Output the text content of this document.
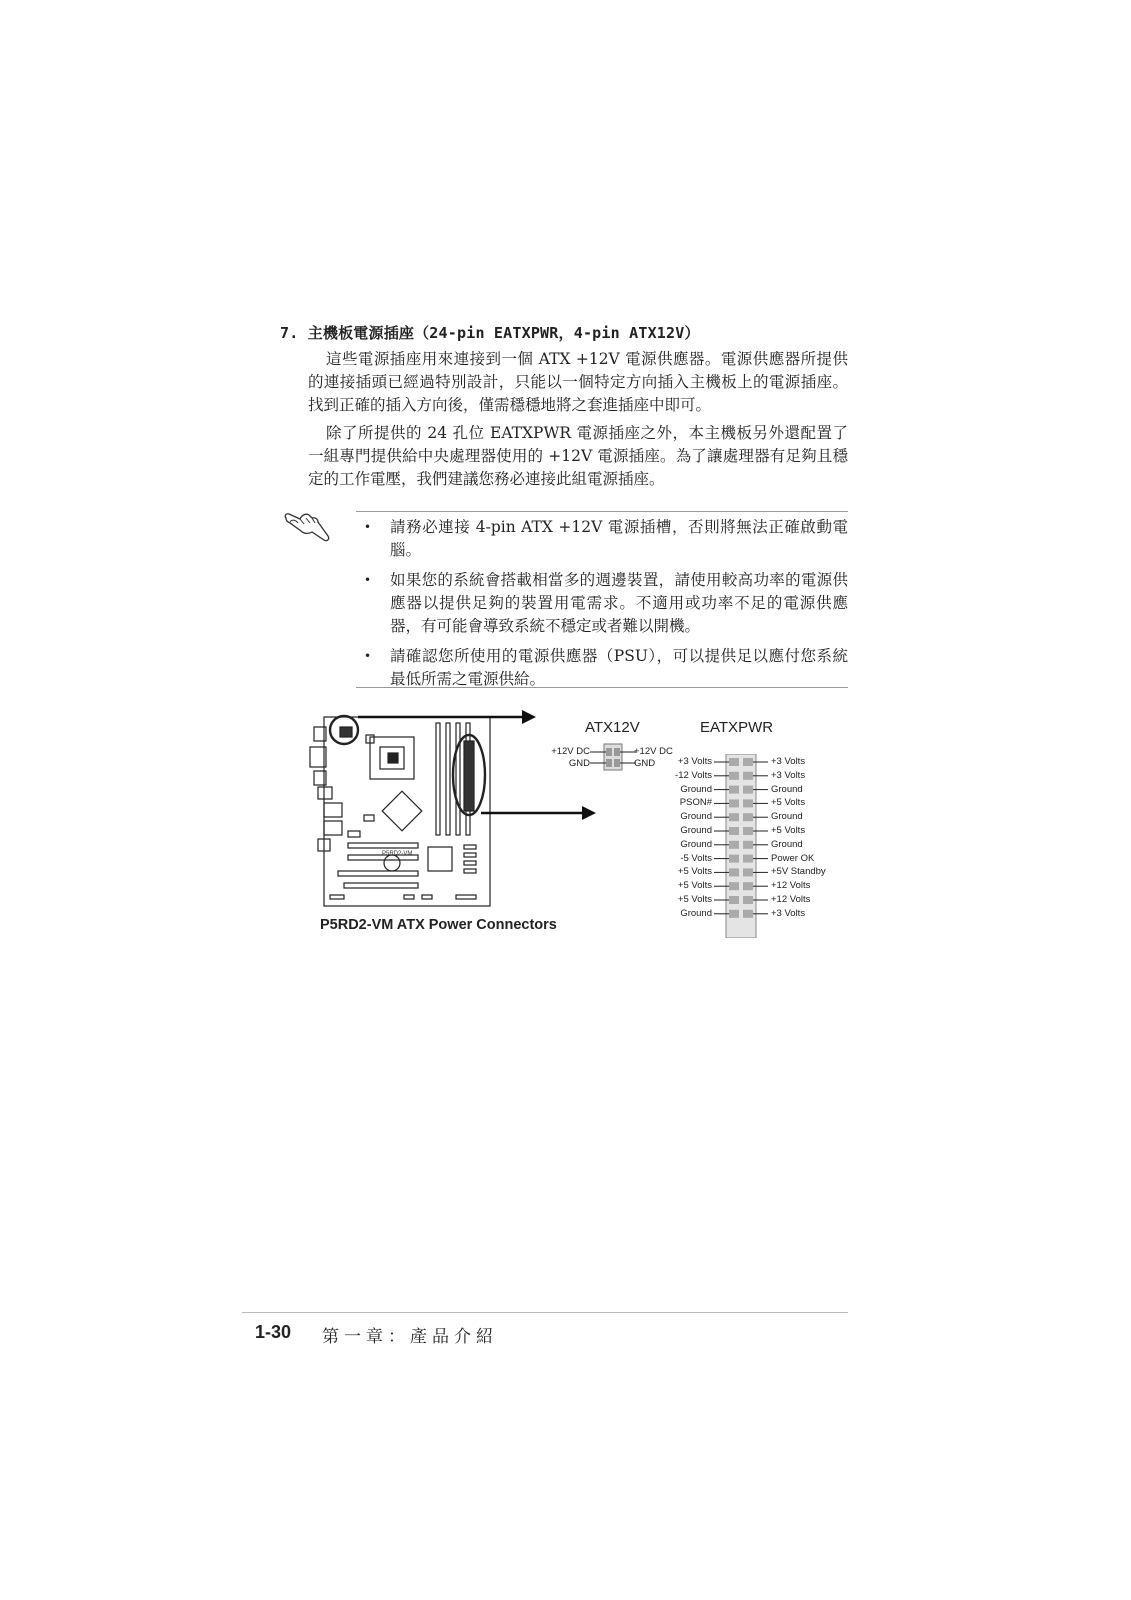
7. 主機板電源插座（24-pin EATXPWR，4-pin ATX12V）

這些電源插座用來連接到一個 ATX +12V 電源供應器。電源供應器所提供的連接插頭已經過特別設計，只能以一個特定方向插入主機板上的電源插座。找到正確的插入方向後，僅需穩穩地將之套進插座中即可。

除了所提供的 24 孔位 EATXPWR 電源插座之外，本主機板另外還配置了一組專門提供給中央處理器使用的 +12V 電源插座。為了讓處理器有足夠且穩定的工作電壓，我們建議您務必連接此組電源插座。

• 請務必連接 4-pin ATX +12V 電源插槽，否則將無法正確啟動電腦。
• 如果您的系統會搭載相當多的週邊裝置，請使用較高功率的電源供應器以提供足夠的裝置用電需求。不適用或功率不足的電源供應器，有可能會導致系統不穩定或者難以開機。
• 請確認您所使用的電源供應器（PSU），可以提供足以應付您系統最低所需之電源供給。
P5RD2-VM
ATX12V
+12V DC
GND
+12V DC
GND
EATXPWR
+3 Volts
-12 Volts
Ground
PSON#
Ground
Ground
Ground
-5 Volts
+5 Volts
+5 Volts
+5 Volts
Ground
+3 Volts
+3 Volts
Ground
+5 Volts
Ground
+5 Volts
Ground
Power OK
+5V Standby
+12 Volts
+12 Volts
+3 Volts
P5RD2-VM ATX Power Connectors
1-30 第一章：產品介紹
